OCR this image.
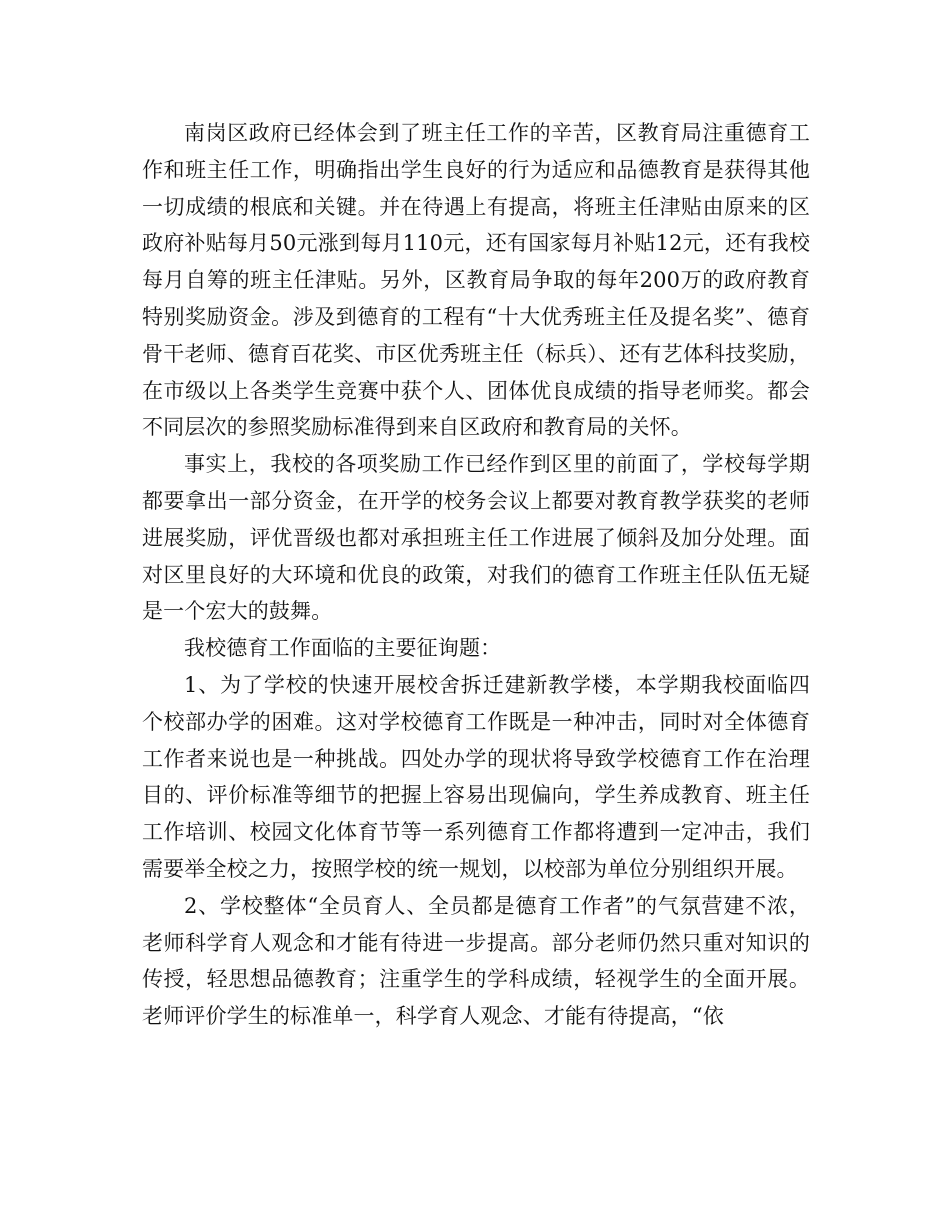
南岗区政府已经体会到了班主任工作的辛苦，区教育局注重德育工作和班主任工作，明确指出学生良好的行为适应和品德教育是获得其他一切成绩的根底和关键。并在待遇上有提高，将班主任津贴由原来的区政府补贴每月50元涨到每月110元，还有国家每月补贴12元，还有我校每月自筹的班主任津贴。另外，区教育局争取的每年200万的政府教育特别奖励资金。涉及到德育的工程有“十大优秀班主任及提名奖”、德育骨干老师、德育百花奖、市区优秀班主任（标兵）、还有艺体科技奖励，在市级以上各类学生竞赛中获个人、团体优良成绩的指导老师奖。都会不同层次的参照奖励标准得到来自区政府和教育局的关怀。

事实上，我校的各项奖励工作已经作到区里的前面了，学校每学期都要拿出一部分资金，在开学的校务会议上都要对教育教学获奖的老师进展奖励，评优晋级也都对承担班主任工作进展了倾斜及加分处理。面对区里良好的大环境和优良的政策，对我们的德育工作班主任队伍无疑是一个宏大的鼓舞。

我校德育工作面临的主要征询题：

1、为了学校的快速开展校舍拆迁建新教学楼，本学期我校面临四个校部办学的困难。这对学校德育工作既是一种冲击，同时对全体德育工作者来说也是一种挑战。四处办学的现状将导致学校德育工作在治理目的、评价标准等细节的把握上容易出现偏向，学生养成教育、班主任工作培训、校园文化体育节等一系列德育工作都将遭到一定冲击，我们需要举全校之力，按照学校的统一规划，以校部为单位分别组织开展。

2、学校整体“全员育人、全员都是德育工作者”的气氛营建不浓，老师科学育人观念和才能有待进一步提高。部分老师仍然只重对知识的传授，轻思想品德教育；注重学生的学科成绩，轻视学生的全面开展。老师评价学生的标准单一，科学育人观念、才能有待提高，“依
